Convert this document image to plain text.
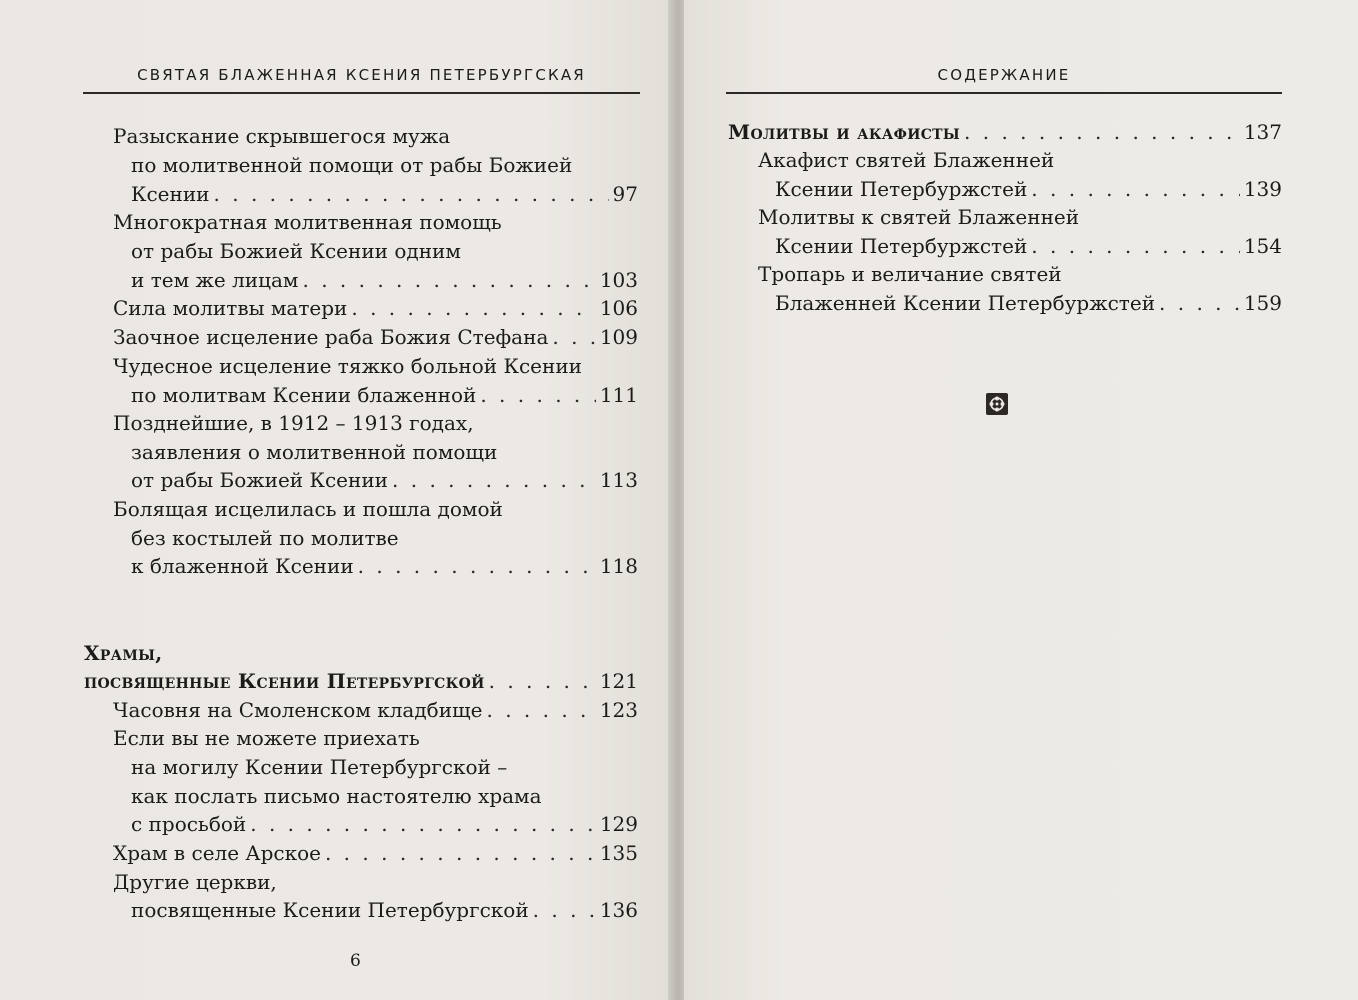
СВЯТАЯ БЛАЖЕННАЯ КСЕНИЯ ПЕТЕРБУРГСКАЯ
Разыскание скрывшегося мужа
по молитвенной помощи от рабы Божией
Ксении . . .	97
Многократная молитвенная помощь
от рабы Божией Ксении одним
и тем же лицам . . .	103
Сила молитвы матери . . .	106
Заочное исцеление раба Божия Стефана . . .	109
Чудесное исцеление тяжко больной Ксении
по молитвам Ксении блаженной . . .	111
Позднейшие, в 1912 – 1913 годах,
заявления о молитвенной помощи
от рабы Божией Ксении . . .	113
Болящая исцелилась и пошла домой
без костылей по молитве
к блаженной Ксении . . .	118
Храмы,
посвященные Ксении Петербургской . . .	121
Часовня на Смоленском кладбище . . .	123
Если вы не можете приехать
на могилу Ксении Петербургской –
как послать письмо настоятелю храма
с просьбой . . .	129
Храм в селе Арское . . .	135
Другие церкви,
посвященные Ксении Петербургской . . .	136
6
СОДЕРЖАНИЕ
Молитвы и акафисты . . .	137
Акафист святей Блаженней
Ксении Петербуржстей . . .	139
Молитвы к святей Блаженней
Ксении Петербуржстей . . .	154
Тропарь и величание святей
Блаженней Ксении Петербуржстей . . .	159
